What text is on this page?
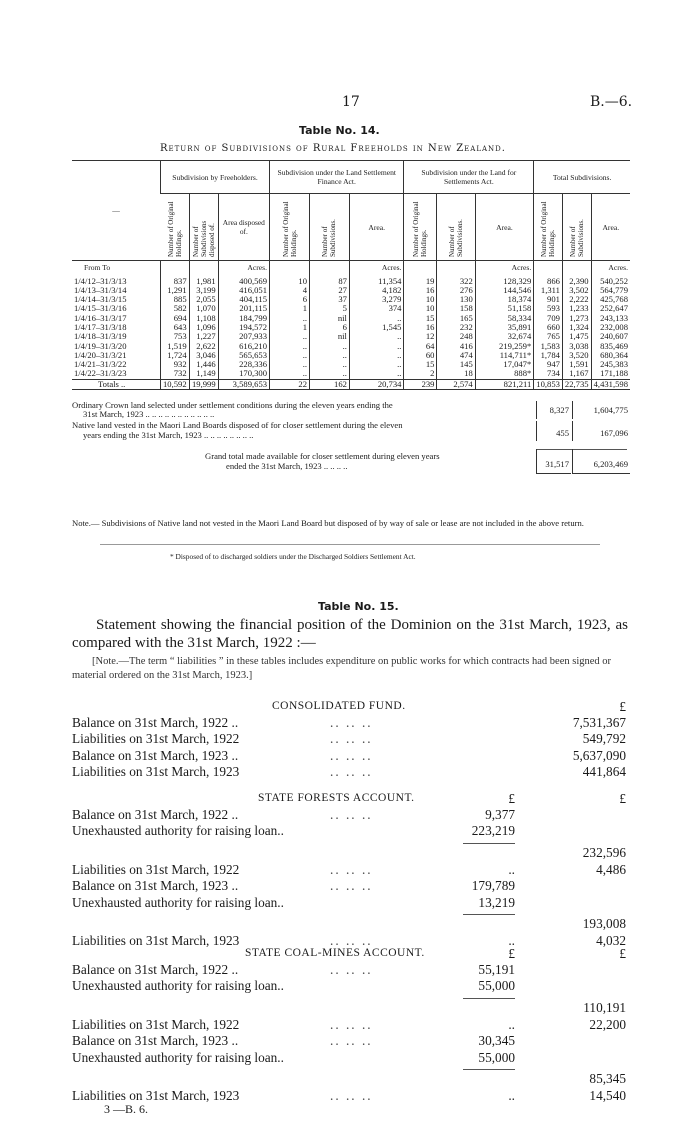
17	B.—6.
Table No. 14.
Return of Subdivisions of Rural Freeholds in New Zealand.
—	Subdivision by Freeholders.			Subdivision under the Land Settlement Finance Act.			Subdivision under the Land for Settlements Act.			Total Subdivisions.		
	Number of Original Holdings.	Number of Subdivisions disposed of.	Area disposed of.	Number of Original Holdings.	Number of Subdivisions.	Area.	Number of Original Holdings.	Number of Subdivisions.	Area.	Number of Original Holdings.	Number of Subdivisions.	Area.
From To			Acres.			Acres.			Acres.			Acres.
1/4/12–31/3/13	837	1,981	400,569	10	87	11,354	19	322	128,329	866	2,390	540,252
1/4/13–31/3/14	1,291	3,199	416,051	4	27	4,182	16	276	144,546	1,311	3,502	564,779
1/4/14–31/3/15	885	2,055	404,115	6	37	3,279	10	130	18,374	901	2,222	425,768
1/4/15–31/3/16	582	1,070	201,115	1	5	374	10	158	51,158	593	1,233	252,647
1/4/16–31/3/17	694	1,108	184,799	..	nil	..	15	165	58,334	709	1,273	243,133
1/4/17–31/3/18	643	1,096	194,572	1	6	1,545	16	232	35,891	660	1,324	232,008
1/4/18–31/3/19	753	1,227	207,933	..	nil	..	12	248	32,674	765	1,475	240,607
1/4/19–31/3/20	1,519	2,622	616,210	..	..	..	64	416	219,259*	1,583	3,038	835,469
1/4/20–31/3/21	1,724	3,046	565,653	..	..	..	60	474	114,711*	1,784	3,520	680,364
1/4/21–31/3/22	932	1,446	228,336	..	..	..	15	145	17,047*	947	1,591	245,383
1/4/22–31/3/23	732	1,149	170,300	..	..	..	2	18	888*	734	1,167	171,188
Totals ..	10,592	19,999	3,589,653	22	162	20,734	239	2,574	821,211	10,853	22,735	4,431,598
Ordinary Crown land selected under settlement conditions during the eleven years ending the
31st March, 1923 .. .. .. .. .. .. .. .. .. .. ..	8,327	1,604,775
Native land vested in the Maori Land Boards disposed of for closer settlement during the eleven
years ending the 31st March, 1923 .. .. .. .. .. .. .. ..	455	167,096
Grand total made available for closer settlement during eleven years
ended the 31st March, 1923 .. .. .. ..	31,517	6,203,469
Note.— Subdivisions of Native land not vested in the Maori Land Board but disposed of by way of sale or lease are not included in the above return.
* Disposed of to discharged soldiers under the Discharged Soldiers Settlement Act.
Table No. 15.
Statement showing the financial position of the Dominion on the 31st March, 1923, as compared with the 31st March, 1922 :—
[Note.—The term “ liabilities ” in these tables includes expenditure on public works for which contracts had been signed or material ordered on the 31st March, 1923.]
CONSOLIDATED FUND.	£
Balance on 31st March, 1922 ..	.. .. ..	7,531,367
Liabilities on 31st March, 1922	.. .. ..	549,792
Balance on 31st March, 1923 ..	.. .. ..	5,637,090
Liabilities on 31st March, 1923	.. .. ..	441,864
STATE FORESTS ACCOUNT.	£	£
Balance on 31st March, 1922 ..	.. .. ..	9,377
Unexhausted authority for raising loan..	223,219
232,596
Liabilities on 31st March, 1922	.. .. ..	..	4,486
Balance on 31st March, 1923 ..	.. .. ..	179,789
Unexhausted authority for raising loan..	13,219
193,008
Liabilities on 31st March, 1923	.. .. ..	..	4,032
STATE COAL-MINES ACCOUNT.	£	£
Balance on 31st March, 1922 ..	.. .. ..	55,191
Unexhausted authority for raising loan..	55,000
110,191
Liabilities on 31st March, 1922	.. .. ..	..	22,200
Balance on 31st March, 1923 ..	.. .. ..	30,345
Unexhausted authority for raising loan..	55,000
85,345
Liabilities on 31st March, 1923	.. .. ..	..	14,540
3 —B. 6.
